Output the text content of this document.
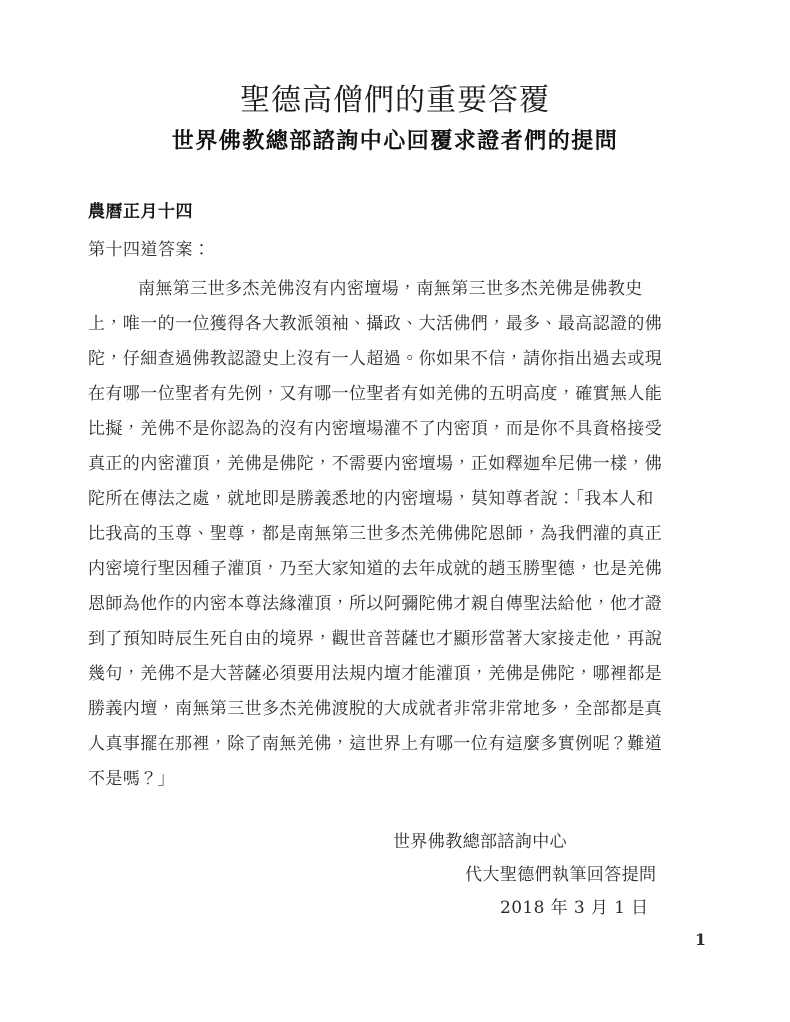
聖德高僧們的重要答覆
世界佛教總部諮詢中心回覆求證者們的提問
農曆正月十四
第十四道答案：
南無第三世多杰羌佛沒有内密壇場，南無第三世多杰羌佛是佛教史
上，唯一的一位獲得各大教派領袖、攝政、大活佛們，最多、最高認證的佛
陀，仔細查過佛教認證史上沒有一人超過。你如果不信，請你指出過去或現
在有哪一位聖者有先例，又有哪一位聖者有如羌佛的五明高度，確實無人能
比擬，羌佛不是你認為的沒有内密壇場灌不了内密頂，而是你不具資格接受
真正的内密灌頂，羌佛是佛陀，不需要内密壇場，正如釋迦牟尼佛一樣，佛
陀所在傳法之處，就地即是勝義悉地的内密壇場，莫知尊者說：「我本人和
比我高的玉尊、聖尊，都是南無第三世多杰羌佛佛陀恩師，為我們灌的真正
内密境行聖因種子灌頂，乃至大家知道的去年成就的趙玉勝聖德，也是羌佛
恩師為他作的内密本尊法緣灌頂，所以阿彌陀佛才親自傳聖法給他，他才證
到了預知時辰生死自由的境界，觀世音菩薩也才顯形當著大家接走他，再說
幾句，羌佛不是大菩薩必須要用法規内壇才能灌頂，羌佛是佛陀，哪裡都是
勝義内壇，南無第三世多杰羌佛渡脫的大成就者非常非常地多，全部都是真
人真事擺在那裡，除了南無羌佛，這世界上有哪一位有這麼多實例呢？難道
不是嗎？」
世界佛教總部諮詢中心
代大聖德們執筆回答提問
2018 年 3 月 1 日
1
